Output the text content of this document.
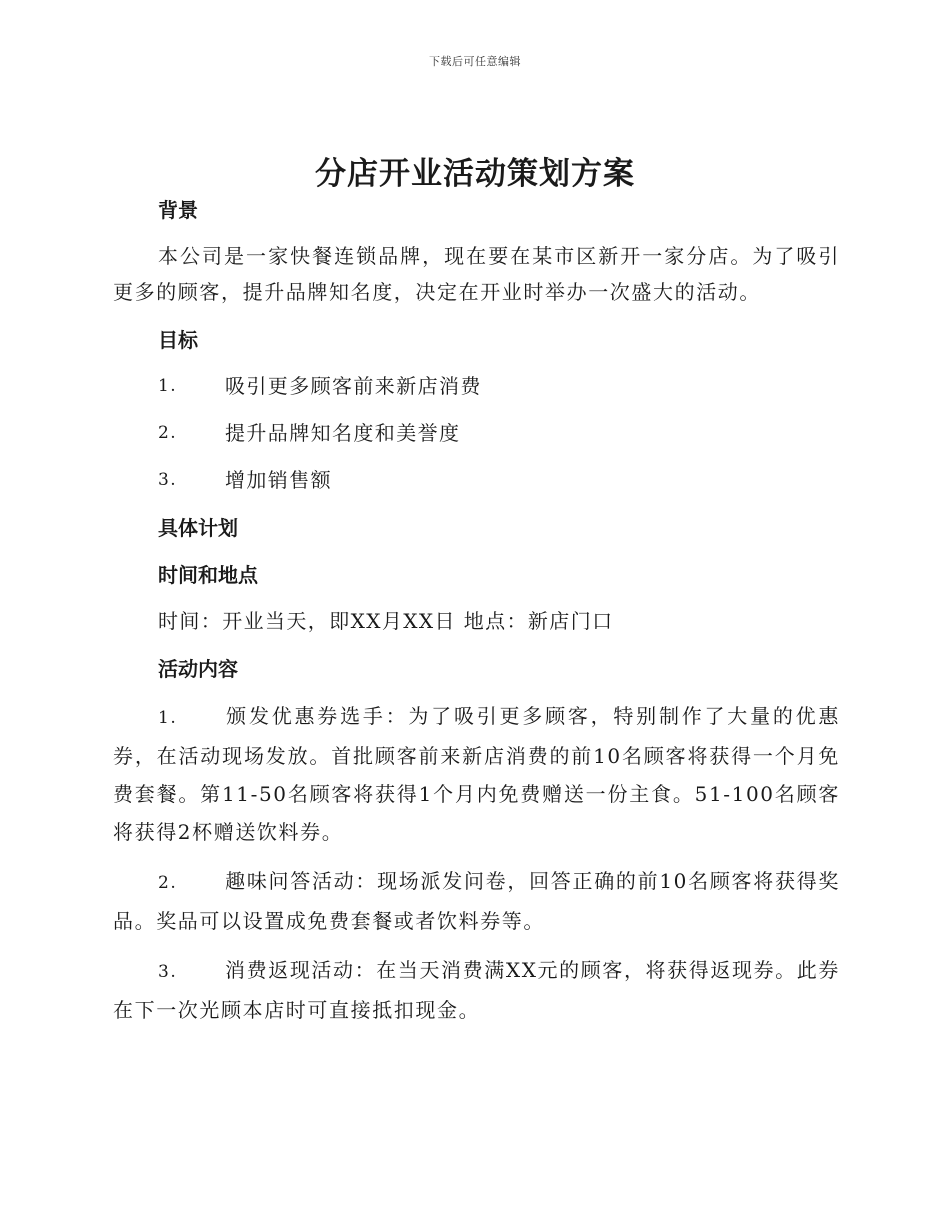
下载后可任意编辑
分店开业活动策划方案
背景

本公司是一家快餐连锁品牌，现在要在某市区新开一家分店。为了吸引更多的顾客，提升品牌知名度，决定在开业时举办一次盛大的活动。

目标
1.	吸引更多顾客前来新店消费
2.	提升品牌知名度和美誉度
3.	增加销售额
具体计划
时间和地点
时间：开业当天，即XX月XX日 地点：新店门口
活动内容

1. 颁发优惠券选手：为了吸引更多顾客，特别制作了大量的优惠券，在活动现场发放。首批顾客前来新店消费的前10名顾客将获得一个月免费套餐。第11-50名顾客将获得1个月内免费赠送一份主食。51-100名顾客将获得2杯赠送饮料券。

2. 趣味问答活动：现场派发问卷，回答正确的前10名顾客将获得奖品。奖品可以设置成免费套餐或者饮料券等。

3. 消费返现活动：在当天消费满XX元的顾客，将获得返现券。此券在下一次光顾本店时可直接抵扣现金。
